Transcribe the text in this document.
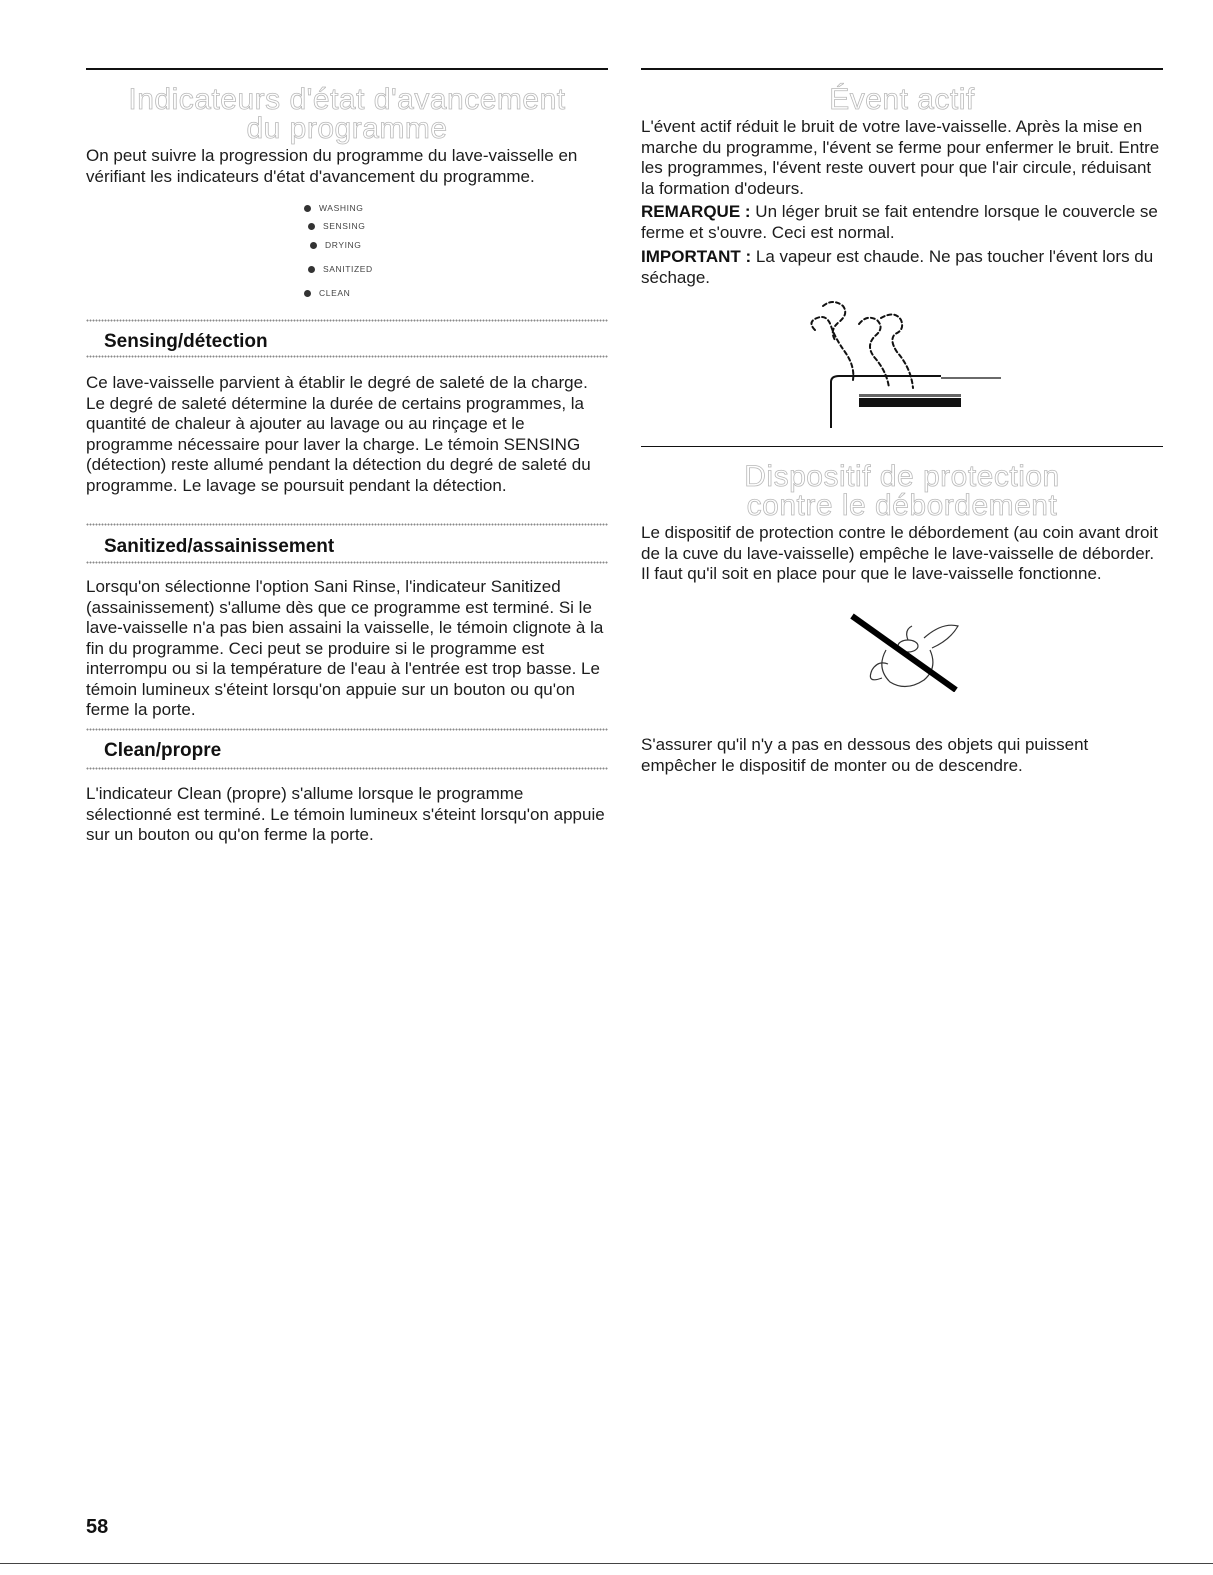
Indicateurs d'état d'avancement
du programme

On peut suivre la progression du programme du lave-vaisselle en vérifiant les indicateurs d'état d'avancement du programme.

WASHING
SENSING
DRYING
SANITIZED
CLEAN
Sensing/détection

Ce lave-vaisselle parvient à établir le degré de saleté de la charge. Le degré de saleté détermine la durée de certains programmes, la quantité de chaleur à ajouter au lavage ou au rinçage et le programme nécessaire pour laver la charge. Le témoin SENSING (détection) reste allumé pendant la détection du degré de saleté du programme. Le lavage se poursuit pendant la détection.

Sanitized/assainissement

Lorsqu'on sélectionne l'option Sani Rinse, l'indicateur Sanitized (assainissement) s'allume dès que ce programme est terminé. Si le lave-vaisselle n'a pas bien assaini la vaisselle, le témoin clignote à la fin du programme. Ceci peut se produire si le programme est interrompu ou si la température de l'eau à l'entrée est trop basse. Le témoin lumineux s'éteint lorsqu'on appuie sur un bouton ou qu'on ferme la porte.

Clean/propre

L'indicateur Clean (propre) s'allume lorsque le programme sélectionné est terminé. Le témoin lumineux s'éteint lorsqu'on appuie sur un bouton ou qu'on ferme la porte.

Évent actif

L'évent actif réduit le bruit de votre lave-vaisselle. Après la mise en marche du programme, l'évent se ferme pour enfermer le bruit. Entre les programmes, l'évent reste ouvert pour que l'air circule, réduisant la formation d'odeurs.

REMARQUE : Un léger bruit se fait entendre lorsque le couvercle se ferme et s'ouvre. Ceci est normal.

IMPORTANT : La vapeur est chaude. Ne pas toucher l'évent lors du séchage.

Dispositif de protection
contre le débordement

Le dispositif de protection contre le débordement (au coin avant droit de la cuve du lave-vaisselle) empêche le lave-vaisselle de déborder. Il faut qu'il soit en place pour que le lave-vaisselle fonctionne.

S'assurer qu'il n'y a pas en dessous des objets qui puissent empêcher le dispositif de monter ou de descendre.

58
